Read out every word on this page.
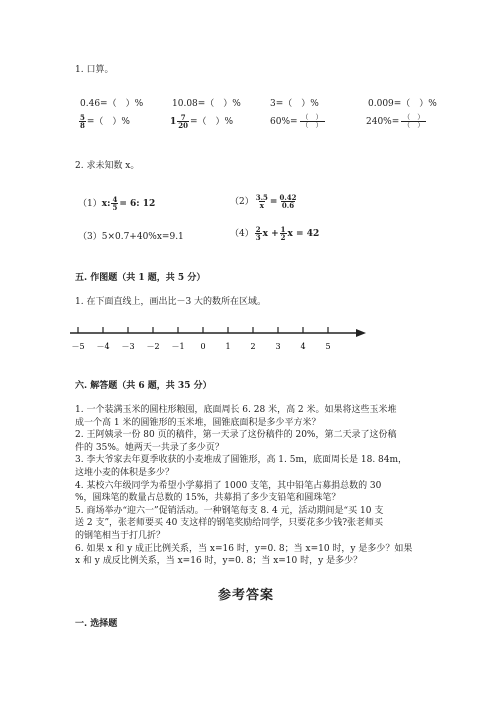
1. 口算。
0.46=（　）%	10.08=（　）%	3=（　）%	0.009=（　）%
$\frac{5}{8}$ =（　）%	$1 \frac{7}{20}$ =（　）%	$60\%= \frac{( )}{( )}$	$240\%= \frac{( )}{( )}$
2. 求未知数 x。
（1）x: $\frac{4}{5} = 6$: 12	$(2) \frac{3.5}{x} = \frac{0.42}{0.6}$
（3）5×0.7+40%x=9.1	$(4) \frac{2}{3}$ $x + \frac{1}{2}$ x = 42
五. 作图题（共 1 题，共 5 分）
1. 在下面直线上，画出比－3 大的数所在区域。
－5 －4 －3 －2 －1 0 1 2 3 4 5
六. 解答题（共 6 题，共 35 分）
1. 一个装满玉米的圆柱形粮囤，底面周长 6. 28 米，高 2 米。如果将这些玉米堆
成一个高 1 米的圆锥形的玉米堆，圆锥底面积是多少平方米？
2. 王阿姨录一份 80 页的稿件，第一天录了这份稿件的 20%，第二天录了这份稿
件的 35%。她两天一共录了多少页？
3. 李大爷家去年夏季收获的小麦堆成了圆锥形，高 1. 5m，底面周长是 18. 84m，
这堆小麦的体积是多少？
4. 某校六年级同学为希望小学募捐了 1000 支笔，其中铅笔占募捐总数的 30
%，圆珠笔的数量占总数的 15%，共募捐了多少支铅笔和圆珠笔？
5. 商场举办“迎六一”促销活动。一种钢笔每支 8. 4 元，活动期间是“买 10 支
送 2 支”，张老师要买 40 支这样的钢笔奖励给同学，只要花多少钱?张老师买
的钢笔相当于打几折？
6. 如果 x 和 y 成正比例关系，当 x=16 时，y=0. 8；当 x=10 时，y 是多少？如果
x 和 y 成反比例关系，当 x=16 时，y=0. 8；当 x=10 时，y 是多少？
参考答案
一. 选择题
